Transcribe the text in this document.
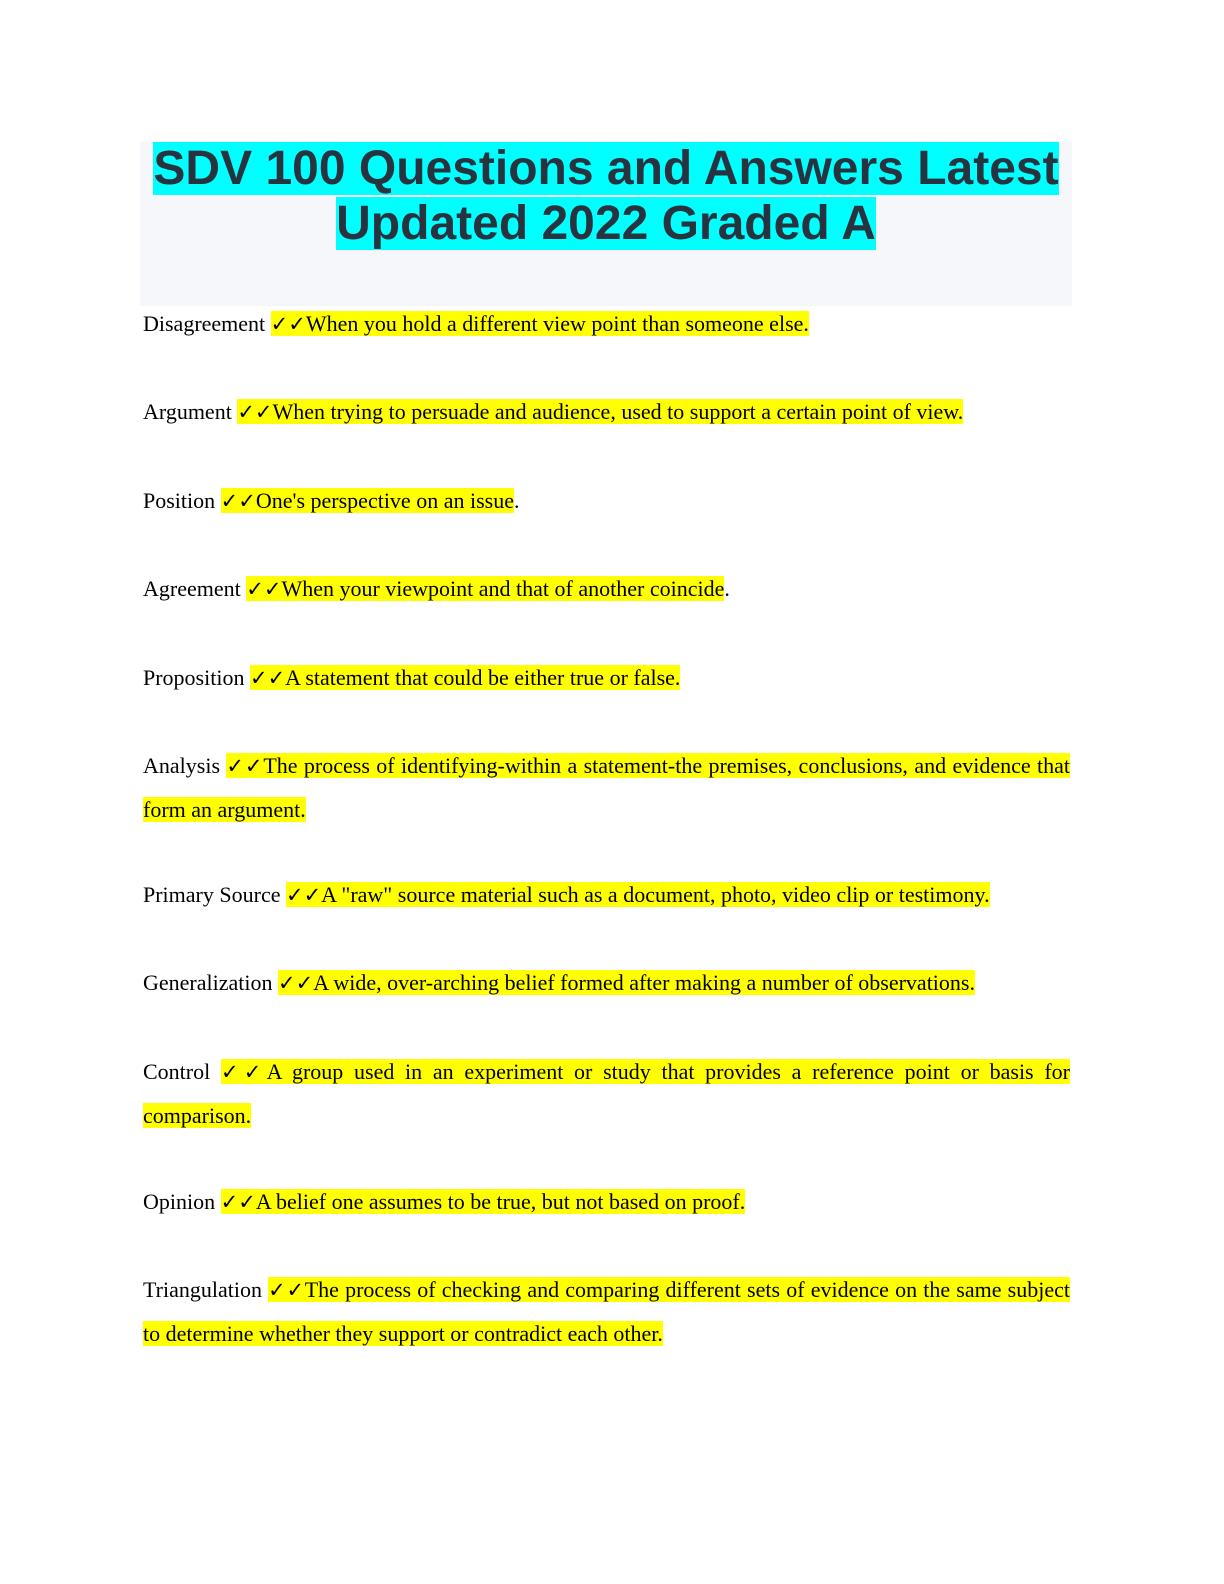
SDV 100 Questions and Answers Latest
Updated 2022 Graded A

Disagreement ✓✓When you hold a different view point than someone else.

Argument ✓✓When trying to persuade and audience, used to support a certain point of view.

Position ✓✓One's perspective on an issue.

Agreement ✓✓When your viewpoint and that of another coincide.

Proposition ✓✓A statement that could be either true or false.

Analysis ✓✓The process of identifying-within a statement-the premises, conclusions, and evidence that form an argument.

Primary Source ✓✓A "raw" source material such as a document, photo, video clip or testimony.

Generalization ✓✓A wide, over-arching belief formed after making a number of observations.

Control ✓✓A group used in an experiment or study that provides a reference point or basis for comparison.

Opinion ✓✓A belief one assumes to be true, but not based on proof.

Triangulation ✓✓The process of checking and comparing different sets of evidence on the same subject to determine whether they support or contradict each other.
